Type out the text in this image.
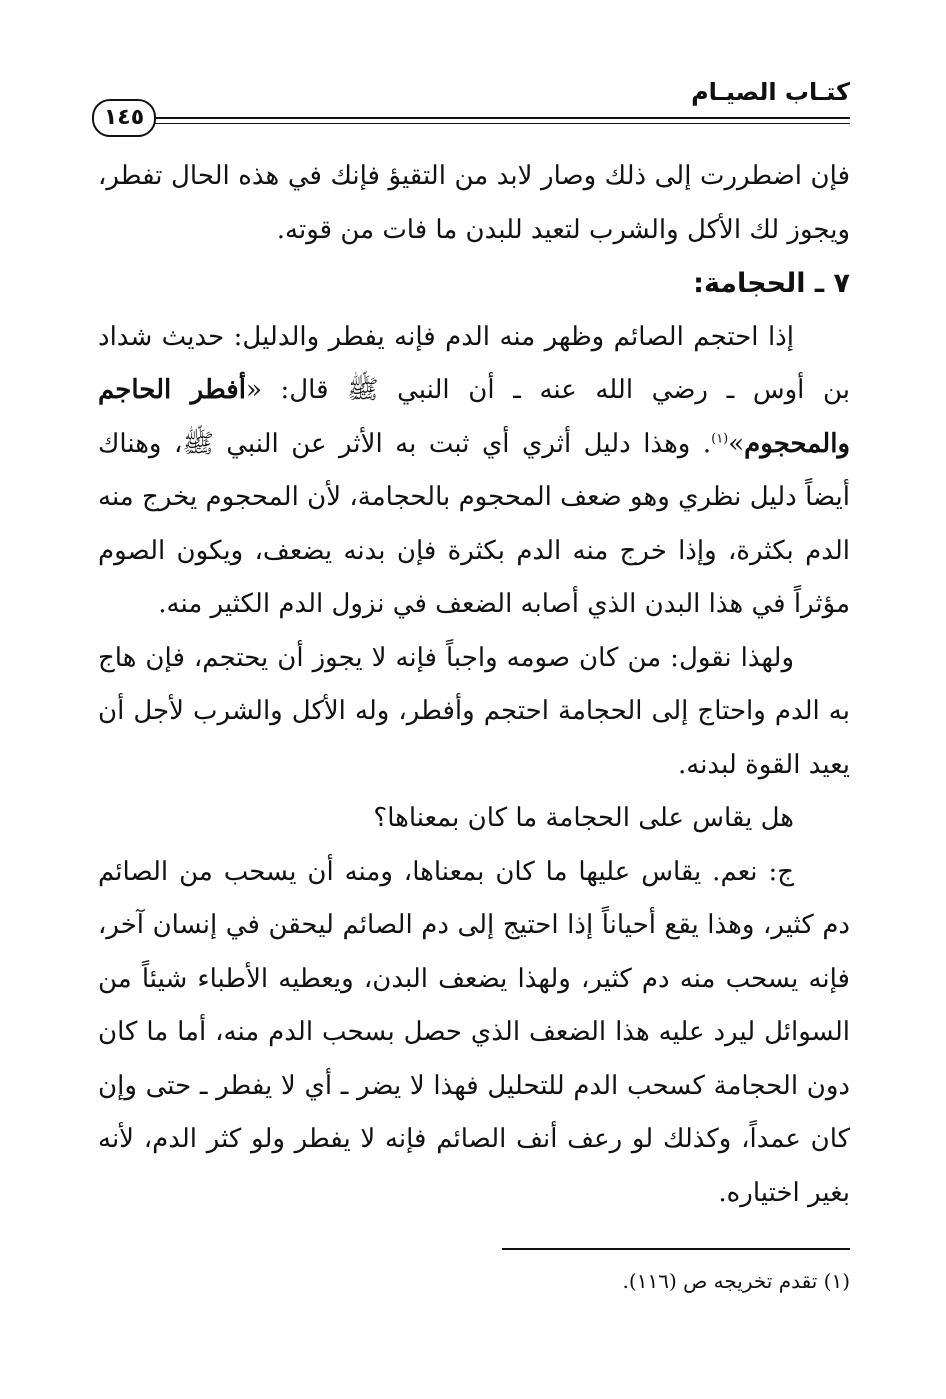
كتـاب الصيـام
١٤٥

فإن اضطررت إلى ذلك وصار لابد من التقيؤ فإنك في هذه الحال تفطر، ويجوز لك الأكل والشرب لتعيد للبدن ما فات من قوته.

٧ ـ الحجامة:

إذا احتجم الصائم وظهر منه الدم فإنه يفطر والدليل: حديث شداد بن أوس ـ رضي الله عنه ـ أن النبي ﷺ قال: «أفطر الحاجم والمحجوم»$^{(١)}$. وهذا دليل أثري أي ثبت به الأثر عن النبي ﷺ، وهناك أيضاً دليل نظري وهو ضعف المحجوم بالحجامة، لأن المحجوم يخرج منه الدم بكثرة، وإذا خرج منه الدم بكثرة فإن بدنه يضعف، ويكون الصوم مؤثراً في هذا البدن الذي أصابه الضعف في نزول الدم الكثير منه.

ولهذا نقول: من كان صومه واجباً فإنه لا يجوز أن يحتجم، فإن هاج به الدم واحتاج إلى الحجامة احتجم وأفطر، وله الأكل والشرب لأجل أن يعيد القوة لبدنه.

هل يقاس على الحجامة ما كان بمعناها؟

ج: نعم. يقاس عليها ما كان بمعناها، ومنه أن يسحب من الصائم دم كثير، وهذا يقع أحياناً إذا احتيج إلى دم الصائم ليحقن في إنسان آخر، فإنه يسحب منه دم كثير، ولهذا يضعف البدن، ويعطيه الأطباء شيئاً من السوائل ليرد عليه هذا الضعف الذي حصل بسحب الدم منه، أما ما كان دون الحجامة كسحب الدم للتحليل فهذا لا يضر ـ أي لا يفطر ـ حتى وإن كان عمداً، وكذلك لو رعف أنف الصائم فإنه لا يفطر ولو كثر الدم، لأنه بغير اختياره.

(١) تقدم تخريجه ص (١١٦).
